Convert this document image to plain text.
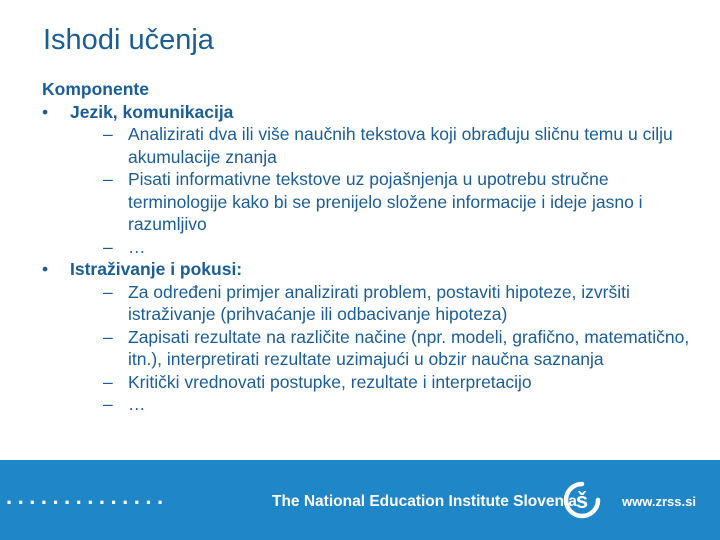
Ishodi učenja
Komponente
•	Jezik, komunikacija
– Analizirati dva ili više naučnih tekstova koji obrađuju sličnu temu u cilju akumulacije znanja
– Pisati informativne tekstove uz pojašnjenja u upotrebu stručne terminologije kako bi se prenijelo složene informacije i ideje jasno i razumljivo
– …
•	Istraživanje i pokusi:
– Za određeni primjer analizirati problem, postaviti hipoteze, izvršiti istraživanje (prihvaćanje ili odbacivanje hipoteza)
– Zapisati rezultate na različite načine (npr. modeli, grafično, matematično, itn.), interpretirati rezultate uzimajući u obzir naučna saznanja
– Kritički vrednovati postupke, rezultate i interpretacijo
– …
..............	The National Education Institute Slovenia š	www.zrss.si
